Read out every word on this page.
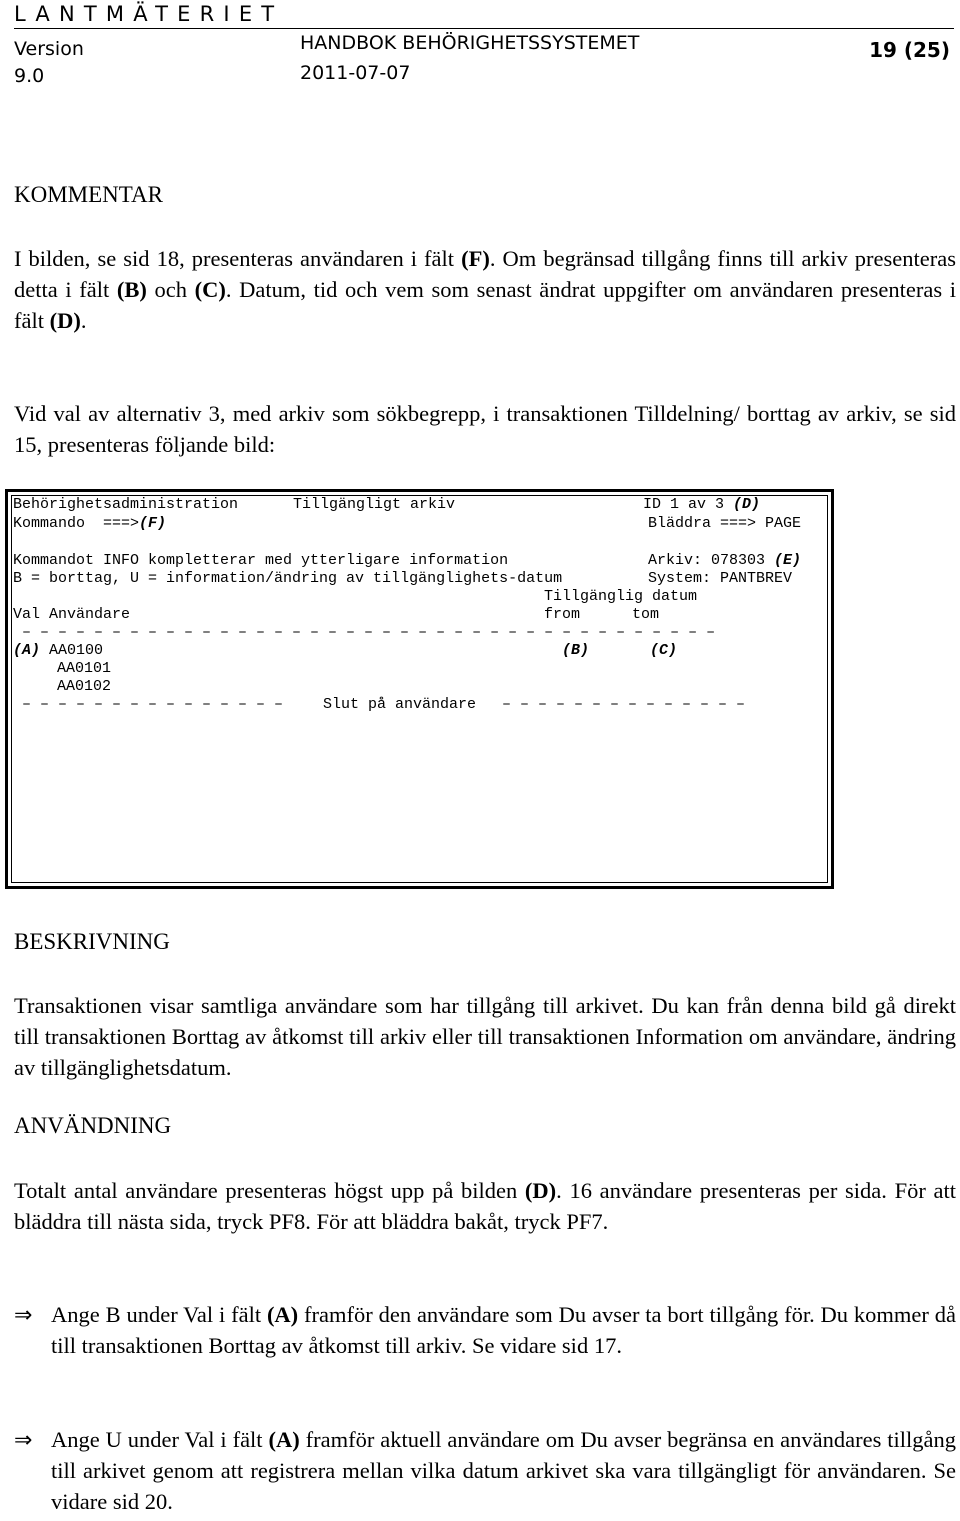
LANTMÄTERIET
Version
9.0
HANDBOK BEHÖRIGHETSSYSTEMET
2011-07-07
19 (25)
KOMMENTAR

I bilden, se sid 18, presenteras användaren i fält (F). Om begränsad tillgång finns till arkiv presenteras detta i fält (B) och (C). Datum, tid och vem som senast ändrat uppgifter om användaren presenteras i fält (D).

Vid val av alternativ 3, med arkiv som sökbegrepp, i transaktionen Tilldelning/ borttag av arkiv, se sid 15, presenteras följande bild:

Behörighetsadministration	Tillgängligt arkiv	ID 1 av 3 (D)
Kommando  ===>(F)	Bläddra ===> PAGE
Kommandot INFO kompletterar med ytterligare information	Arkiv: 078303 (E)
B = borttag, U = information/ändring av tillgänglighets-datum	System: PANTBREV
Tillgänglig datum
Val Användare	from	tom
– – – – – – – – – – – – – – – – – – – – – – – – – – – – – – – – – – – – – – –
(A) AA0100	(B)	(C)
AA0101
AA0102
– – – – – – – – – – – – – – –	Slut på användare – – – – – – – – – – – – – –
BESKRIVNING

Transaktionen visar samtliga användare som har tillgång till arkivet. Du kan från denna bild gå direkt till transaktionen Borttag av åtkomst till arkiv eller till transaktionen Information om användare, ändring av tillgänglighetsdatum.

ANVÄNDNING

Totalt antal användare presenteras högst upp på bilden (D). 16 användare presenteras per sida. För att bläddra till nästa sida, tryck PF8. För att bläddra bakåt, tryck PF7.

⇒ Ange B under Val i fält (A) framför den användare som Du avser ta bort tillgång för. Du kommer då till transaktionen Borttag av åtkomst till arkiv. Se vidare sid 17.

⇒ Ange U under Val i fält (A) framför aktuell användare om Du avser begränsa en användares tillgång till arkivet genom att registrera mellan vilka datum arkivet ska vara tillgängligt för användaren. Se vidare sid 20.
